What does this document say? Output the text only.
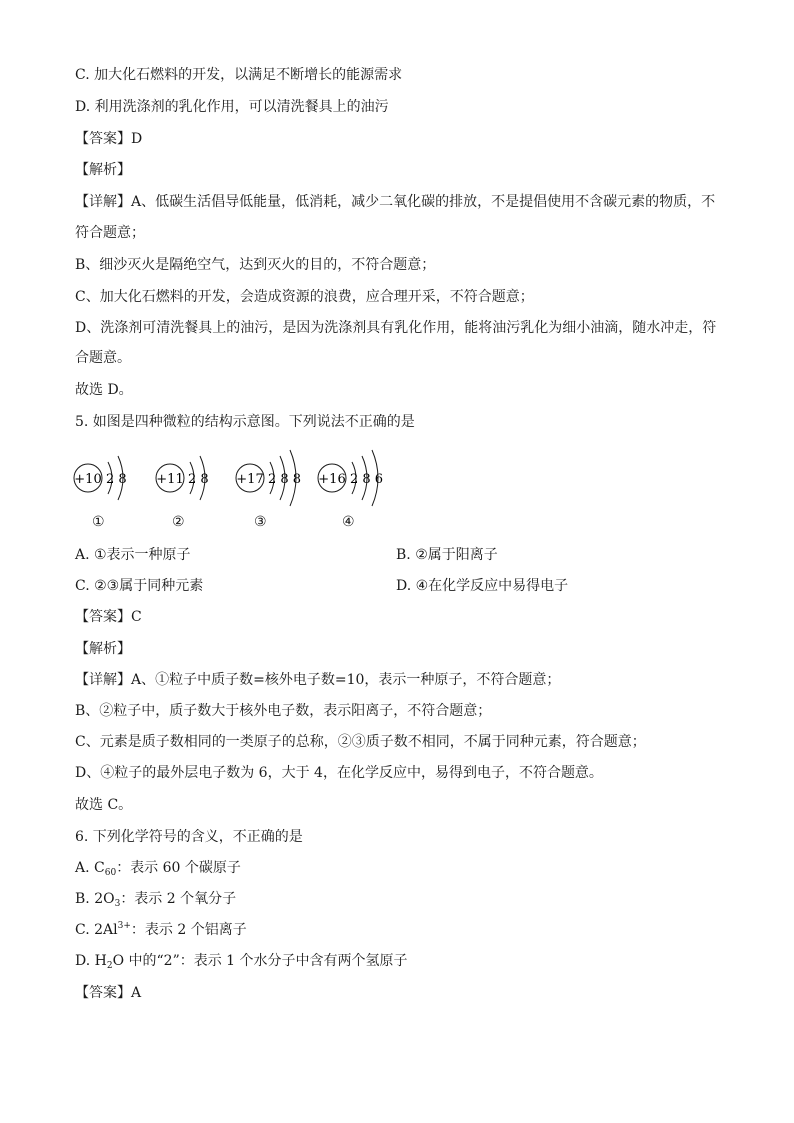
C. 加大化石燃料的开发，以满足不断增长的能源需求
D. 利用洗涤剂的乳化作用，可以清洗餐具上的油污
【答案】D
【解析】
【详解】A、低碳生活倡导低能量，低消耗，减少二氧化碳的排放，不是提倡使用不含碳元素的物质，不
符合题意；
B、细沙灭火是隔绝空气，达到灭火的目的，不符合题意；
C、加大化石燃料的开发，会造成资源的浪费，应合理开采，不符合题意；
D、洗涤剂可清洗餐具上的油污，是因为洗涤剂具有乳化作用，能将油污乳化为细小油滴，随水冲走，符
合题意。
故选 D。
5. 如图是四种微粒的结构示意图。下列说法不正确的是
+10 2 8 +11 2 8 +17 2 8 8 +16 2 8 6
①	②	③	④
A. ①表示一种原子	B. ②属于阳离子
C. ②③属于同种元素	D. ④在化学反应中易得电子
【答案】C
【解析】
【详解】A、①粒子中质子数=核外电子数=10，表示一种原子，不符合题意；
B、②粒子中，质子数大于核外电子数，表示阳离子，不符合题意；
C、元素是质子数相同的一类原子的总称，②③质子数不相同，不属于同种元素，符合题意；
D、④粒子的最外层电子数为 6，大于 4，在化学反应中，易得到电子，不符合题意。
故选 C。
6. 下列化学符号的含义，不正确的是
A. $C_{60}$：表示 60 个碳原子
B. $2O_3$：表示 2 个氧分子
C. $2Al^{3+}$：表示 2 个铝离子
D. $H_2O$ 中的“2”：表示 1 个水分子中含有两个氢原子
【答案】A
